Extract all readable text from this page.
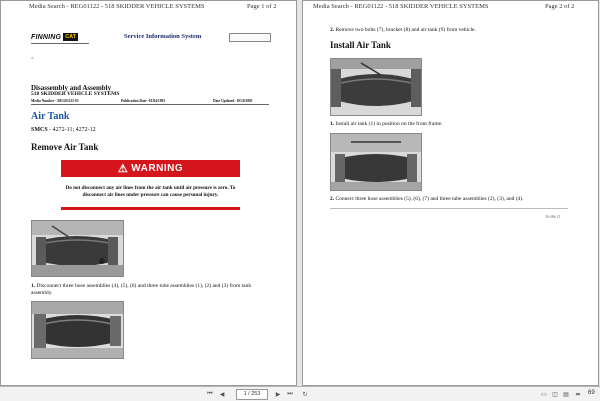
Media Search - REG01122 - 518 SKIDDER VEHICLE SYSTEMS	Page 1 of 2
FINNING CAT	Service Information System
<
Disassembly and Assembly
518 SKIDDER VEHICLE SYSTEMS
Media Number - REG01122-01	Publication Date -01/04/1992	Date Updated -10/10/2001
Air Tank
SMCS - 4272-11; 4272-12
Remove Air Tank
⚠ WARNING
Do not disconnect any air lines from the air tank until air pressure is zero. To disconnect air lines under pressure can cause personal injury.
1. Disconnect three hose assemblies (4), (5), (6) and three tube assemblies (1), (2) and (3) from tank assembly.
Media Search - REG01122 - 518 SKIDDER VEHICLE SYSTEMS	Page 2 of 2
2. Remove two bolts (7), bracket (8) and air tank (9) from vehicle.
Install Air Tank
1. Install air tank (1) in position on the front frame.
2. Connect three hose assemblies (5), (6), (7) and three tube assemblies (2), (3), and (4).
16:06:11
⏮ ◀	1 / 253	▶ ⏭ ↻	▭ ◫ ▤ ⬌ 69
